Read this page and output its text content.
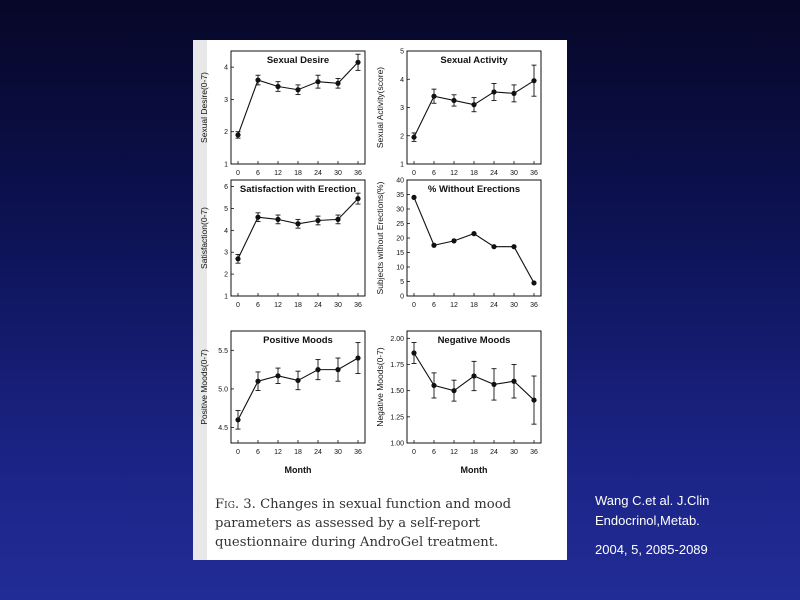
Sexual Desire
1
2
3
4
0 6 12 18 24 30 36
Sexual Desire(0-7)
Sexual Activity
1
2
3
4
5
0 6 12 18 24 30 36
Sexual Activity(score)
Satisfaction with Erection
1
2
3
4
5
6
0 6 12 18 24 30 36
Satisfaction(0-7)
% Without Erections
0
5
10
15
20
25
30
35
40
0 6 12 18 24 30 36
Subjects without Erections(%)
Positive Moods
4.5
5.0
5.5
0 6 12 18 24 30 36
Positive Moods(0-7)
Month
Negative Moods
1.00
1.25
1.50
1.75
2.00
0 6 12 18 24 30 36
Negative Moods(0-7)
Month

Fig. 3. Changes in sexual function and mood parameters as assessed by a self-report questionnaire during AndroGel treatment.

Wang C.et al. J.Clin
Endocrinol,Metab.
2004, 5, 2085-2089
